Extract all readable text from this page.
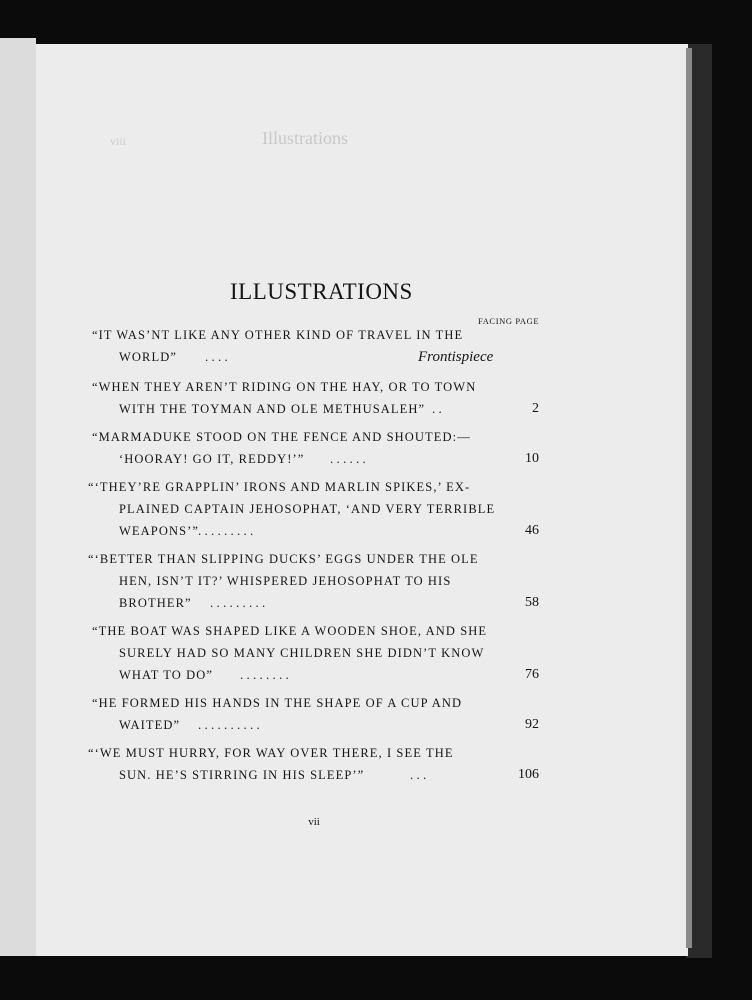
viii	Illustrations
ILLUSTRATIONS
FACING PAGE
“IT WAS’NT LIKE ANY OTHER KIND OF TRAVEL IN THE
WORLD” . . . .	Frontispiece
“WHEN THEY AREN’T RIDING ON THE HAY, OR TO TOWN
WITH THE TOYMAN AND OLE METHUSALEH” . .	2
“MARMADUKE STOOD ON THE FENCE AND SHOUTED:—
‘HOORAY! GO IT, REDDY!’” . . . . . .	10
“‘THEY’RE GRAPPLIN’ IRONS AND MARLIN SPIKES,’ EX-
PLAINED CAPTAIN JEHOSOPHAT, ‘AND VERY TERRIBLE
WEAPONS’”
. . . . . . . . .	46
“‘BETTER THAN SLIPPING DUCKS’ EGGS UNDER THE OLE
HEN, ISN’T IT?’ WHISPERED JEHOSOPHAT TO HIS
BROTHER” . . . . . . . . .	58
“THE BOAT WAS SHAPED LIKE A WOODEN SHOE, AND SHE
SURELY HAD SO MANY CHILDREN SHE DIDN’T KNOW
WHAT TO DO” . . . . . . . .	76
“HE FORMED HIS HANDS IN THE SHAPE OF A CUP AND
WAITED” . . . . . . . . . .	92
“‘WE MUST HURRY, FOR WAY OVER THERE, I SEE THE
SUN. HE’S STIRRING IN HIS SLEEP’”	. . .	106
vii
